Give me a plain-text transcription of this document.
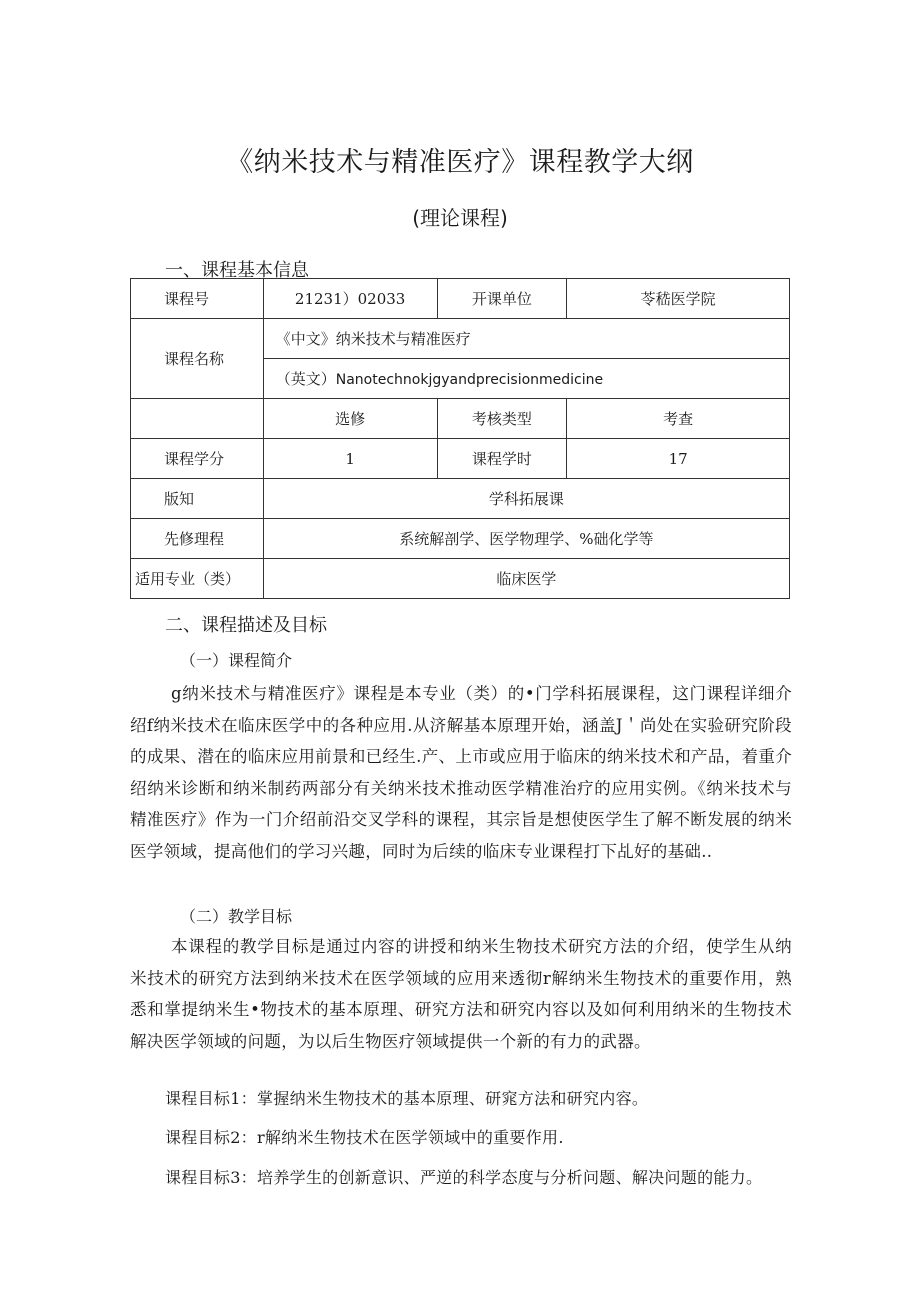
《纳米技术与精准医疗》课程教学大纲
(理论课程)
一、课程基本信息
课程号	21231）02033	开课单位	苓嵇医学院
课程名称	《中文》纳米技术与精准医疗		
	（英文）Nanotechnokjgyandprecisionmedicine		
	选修	考核类型	考查
课程学分	1	课程学时	17
版知	学科拓展课		
先修理程	系统解剖学、医学物理学、%础化学等		
适用专业（类）	临床医学		
二、课程描述及目标
（一）课程简介
g纳米技术与精准医疗》课程是本专业（类）的•门学科拓展课程，这门课程详细介绍f纳米技术在临床医学中的各种应用.从济解基本原理开始，涵盖J＇尚处在实验研究阶段的成果、潜在的临床应用前景和已经生.产、上市或应用于临床的纳米技术和产品，着重介绍纳米诊断和纳米制药两部分有关纳米技术推动医学精准治疗的应用实例。《纳米技术与精准医疗》作为一门介绍前沿交叉学科的课程，其宗旨是想使医学生了解不断发展的纳米医学领域，提高他们的学习兴趣，同时为后续的临床专业课程打下乩好的基础..
（二）教学目标
本课程的教学目标是通过内容的讲授和纳米生物技术研究方法的介绍，使学生从纳米技术的研究方法到纳米技术在医学领域的应用来透彻r解纳米生物技术的重要作用，熟悉和掌提纳米生•物技术的基本原理、研究方法和研究内容以及如何利用纳米的生物技术解决医学领域的问题，为以后生物医疗领域提供一个新的有力的武器。
课程目标1：掌握纳米生物技术的基本原理、研窕方法和研究内容。
课程目标2：r解纳米生物技术在医学领域中的重要作用.
课程目标3：培养学生的创新意识、严逆的科学态度与分析问题、解决问题的能力。
